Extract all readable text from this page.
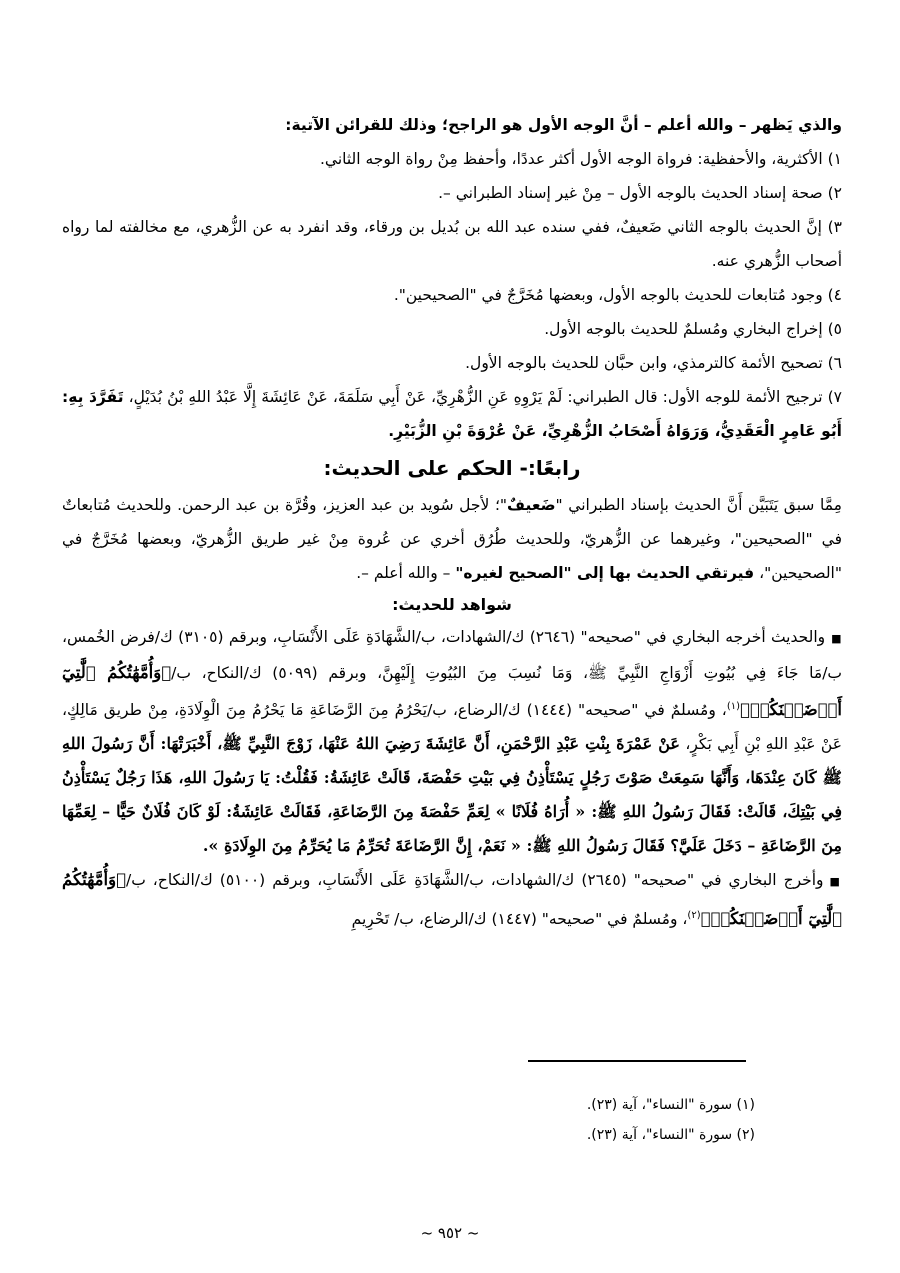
والذي يَظهر – والله أعلم – أنَّ الوجه الأول هو الراجح؛ وذلك للقرائن الآتية:

١) الأكثرية، والأحفظية: فرواة الوجه الأول أكثر عددًا، وأحفظ مِنْ رواة الوجه الثاني.

٢) صحة إسناد الحديث بالوجه الأول – مِنْ غير إسناد الطبراني –.

٣) إنَّ الحديث بالوجه الثاني ضَعيفٌ، ففي سنده عبد الله بن بُديل بن ورقاء، وقد انفرد به عن الزُّهري، مع مخالفته لما رواه أصحاب الزُّهري عنه.

٤) وجود مُتابعات للحديث بالوجه الأول، وبعضها مُخَرَّجٌ في "الصحيحين".

٥) إخراج البخاري ومُسلمٌ للحديث بالوجه الأول.

٦) تصحيح الأئمة كالترمذي، وابن حبَّان للحديث بالوجه الأول.

٧) ترجيح الأئمة للوجه الأول: قال الطبراني: لَمْ يَرْوِهِ عَنِ الزُّهْرِيِّ، عَنْ أَبِي سَلَمَةَ، عَنْ عَائِشَةَ إِلَّا عَبْدُ اللهِ بْنُ بُدَيْلٍ، تَفَرَّدَ بِهِ: أَبُو عَامِرٍ الْعَقَدِيُّ، وَرَوَاهُ أَصْحَابُ الزُّهْرِيِّ، عَنْ عُرْوَةَ بْنِ الزُّبَيْرِ.

رابعًا:- الحكم على الحديث:

مِمَّا سبق يَتَبَيَّن أَنَّ الحديث بإسناد الطبراني "ضَعيفٌ"؛ لأجل سُويد بن عبد العزيز، وقُرَّة بن عبد الرحمن. وللحديث مُتابعاتٌ في "الصحيحين"، وغيرهما عن الزُّهريّ، وللحديث طُرُق أخري عن عُروة مِنْ غير طريق الزُّهريّ، وبعضها مُخَرَّجٌ في "الصحيحين"، فيرتقي الحديث بها إلى "الصحيح لغيره" – والله أعلم –.

شواهد للحديث:

■والحديث أخرجه البخاري في "صحيحه" (٢٦٤٦) ك/الشهادات، ب/الشَّهَادَةِ عَلَى الأَنْسَابِ، وبرقم (٣١٠٥) ك/فرض الخُمس، ب/مَا جَاءَ فِي بُيُوتِ أَزْوَاجِ النَّبِيِّ ﷺ، وَمَا نُسِبَ مِنَ البُيُوتِ إِلَيْهِنَّ، وبرقم (٥٠٩٩) ك/النكاح، ب/﴿وَأُمَّهَٰتُكُمُ ٱلَّٰتِيٓ أَرۡضَعۡنَكُمۡ﴾$^{(١)}$، ومُسلمٌ في "صحيحه" (١٤٤٤) ك/الرضاع، ب/يَحْرُمُ مِنَ الرَّضَاعَةِ مَا يَحْرُمُ مِنَ الْوِلَادَةِ، مِنْ طريق مَالِكٍ، عَنْ عَبْدِ اللهِ بْنِ أَبِي بَكْرٍ، عَنْ عَمْرَةَ بِنْتِ عَبْدِ الرَّحْمَنِ، أَنَّ عَائِشَةَ رَضِيَ اللهُ عَنْهَا، زَوْجَ النَّبِيِّ ﷺ، أَخْبَرَتْهَا: أَنَّ رَسُولَ اللهِ ﷺ كَانَ عِنْدَهَا، وَأَنَّهَا سَمِعَتْ صَوْتَ رَجُلٍ يَسْتَأْذِنُ فِي بَيْتِ حَفْصَةَ، قَالَتْ عَائِشَةُ: فَقُلْتُ: يَا رَسُولَ اللهِ، هَذَا رَجُلٌ يَسْتَأْذِنُ فِي بَيْتِكَ، قَالَتْ: فَقَالَ رَسُولُ اللهِ ﷺ: « أُرَاهُ فُلَانًا » لِعَمِّ حَفْصَةَ مِنَ الرَّضَاعَةِ، فَقَالَتْ عَائِشَةُ: لَوْ كَانَ فُلَانٌ حَيًّا – لِعَمِّهَا مِنَ الرَّضَاعَةِ – دَخَلَ عَلَيَّ؟ فَقَالَ رَسُولُ اللهِ ﷺ: « نَعَمْ، إِنَّ الرَّضَاعَةَ تُحَرِّمُ مَا يُحَرِّمُ مِنَ الوِلَادَةِ ».

■وأخرج البخاري في "صحيحه" (٢٦٤٥) ك/الشهادات، ب/الشَّهَادَةِ عَلَى الأَنْسَابِ، وبرقم (٥١٠٠) ك/النكاح، ب/﴿وَأُمَّهَٰتُكُمُ ٱلَّٰتِيٓ أَرۡضَعۡنَكُمۡ﴾$^{(٢)}$، ومُسلمٌ في "صحيحه" (١٤٤٧) ك/الرضاع، ب/ تَحْرِيمِ

(١) سورة "النساء"، آية (٢٣).
(٢) سورة "النساء"، آية (٢٣).
~ ٩٥٢ ~
